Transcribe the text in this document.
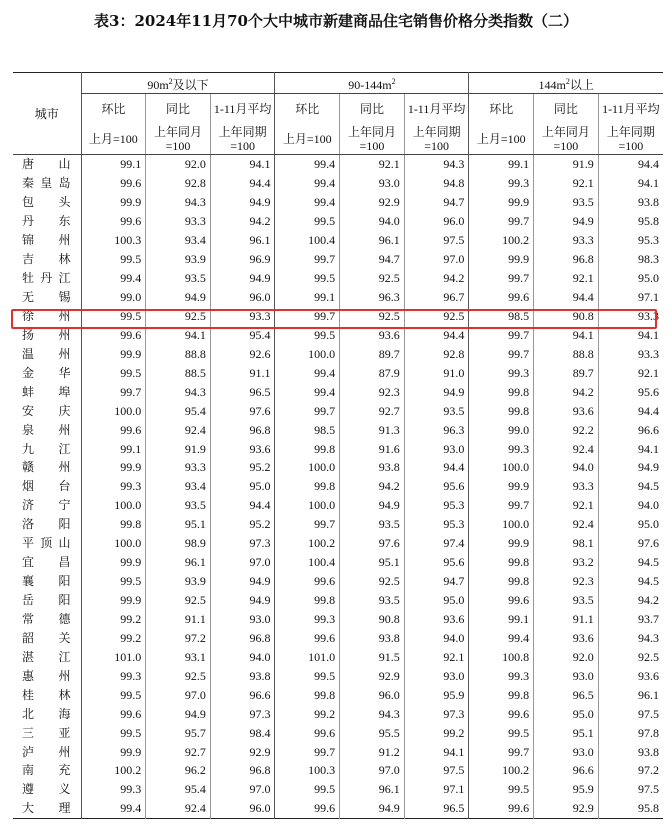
表3：2024年11月70个大中城市新建商品住宅销售价格分类指数（二）
城市	$90m^2$及以下			$90-144m^2$			$144m^2$以上		
	环比	同比	1-11月平均	环比	同比	1-11月平均	环比	同比	1-11月平均
	上月=100	上年同月=100	上年同期=100	上月=100	上年同月=100	上年同期=100	上月=100	上年同月=100	上年同期=100
唐山	99.1	92.0	94.1	99.4	92.1	94.3	99.1	91.9	94.4
秦皇岛	99.6	92.8	94.4	99.4	93.0	94.8	99.3	92.1	94.1
包头	99.9	94.3	94.9	99.4	92.9	94.7	99.9	93.5	93.8
丹东	99.6	93.3	94.2	99.5	94.0	96.0	99.7	94.9	95.8
锦州	100.3	93.4	96.1	100.4	96.1	97.5	100.2	93.3	95.3
吉林	99.5	93.9	96.9	99.7	94.7	97.0	99.9	96.8	98.3
牡丹江	99.4	93.5	94.9	99.5	92.5	94.2	99.7	92.1	95.0
无锡	99.0	94.9	96.0	99.1	96.3	96.7	99.6	94.4	97.1
徐州	99.5	92.5	93.3	99.7	92.5	92.5	98.5	90.8	93.3
扬州	99.6	94.1	95.4	99.5	93.6	94.4	99.7	94.1	94.1
温州	99.9	88.8	92.6	100.0	89.7	92.8	99.7	88.8	93.3
金华	99.5	88.5	91.1	99.4	87.9	91.0	99.3	89.7	92.1
蚌埠	99.7	94.3	96.5	99.4	92.3	94.9	99.8	94.2	95.6
安庆	100.0	95.4	97.6	99.7	92.7	93.5	99.8	93.6	94.4
泉州	99.6	92.4	96.8	98.5	91.3	96.3	99.0	92.2	96.6
九江	99.1	91.9	93.6	99.8	91.6	93.0	99.3	92.4	94.1
赣州	99.9	93.3	95.2	100.0	93.8	94.4	100.0	94.0	94.9
烟台	99.3	93.4	95.0	99.8	94.2	95.6	99.9	93.3	94.5
济宁	100.0	93.5	94.4	100.0	94.9	95.3	99.7	92.1	94.0
洛阳	99.8	95.1	95.2	99.7	93.5	95.3	100.0	92.4	95.0
平顶山	100.0	98.9	97.3	100.2	97.6	97.4	99.9	98.1	97.6
宜昌	99.9	96.1	97.0	100.4	95.1	95.6	99.8	93.2	94.5
襄阳	99.5	93.9	94.9	99.6	92.5	94.7	99.8	92.3	94.5
岳阳	99.9	92.5	94.9	99.8	93.5	95.0	99.6	93.5	94.2
常德	99.2	91.1	93.0	99.3	90.8	93.6	99.1	91.1	93.7
韶关	99.2	97.2	96.8	99.6	93.8	94.0	99.4	93.6	94.3
湛江	101.0	93.1	94.0	101.0	91.5	92.1	100.8	92.0	92.5
惠州	99.3	92.5	93.8	99.5	92.9	93.0	99.3	93.0	93.6
桂林	99.5	97.0	96.6	99.8	96.0	95.9	99.8	96.5	96.1
北海	99.6	94.9	97.3	99.2	94.3	97.3	99.6	95.0	97.5
三亚	99.5	95.7	98.4	99.6	95.5	99.2	99.5	95.1	97.8
泸州	99.9	92.7	92.9	99.7	91.2	94.1	99.7	93.0	93.8
南充	100.2	96.2	96.8	100.3	97.0	97.5	100.2	96.6	97.2
遵义	99.3	95.4	97.0	99.5	96.1	97.1	99.5	95.9	97.5
大理	99.4	92.4	96.0	99.6	94.9	96.5	99.6	92.9	95.8
